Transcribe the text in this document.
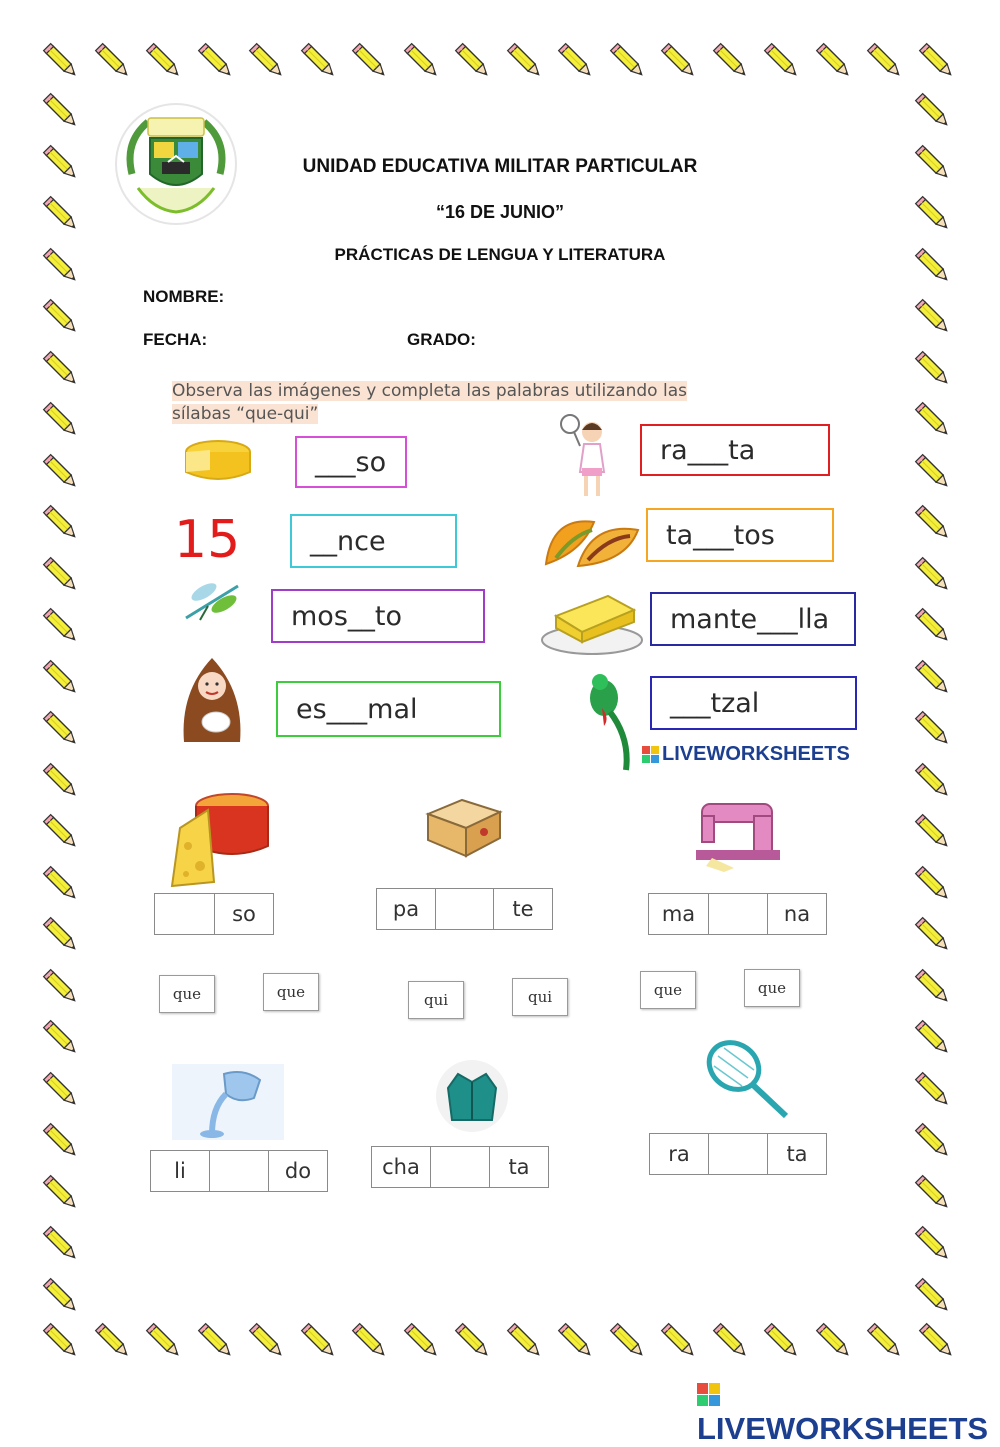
UNIDAD EDUCATIVA MILITAR PARTICULAR
“16 DE JUNIO”
PRÁCTICAS DE LENGUA Y LITERATURA
NOMBRE:
FECHA:	GRADO:
Observa las imágenes y completa las palabras utilizando las
sílabas “que-qui”
15
___so	ra___ta
__nce	ta___tos
mos__to	mante___lla
es___mal	___tzal
LIVEWORKSHEETS
so	pa	te	ma	na
que	que	qui	qui	que	que
li	do	cha	ta
ra	ta
LIVEWORKSHEETS
